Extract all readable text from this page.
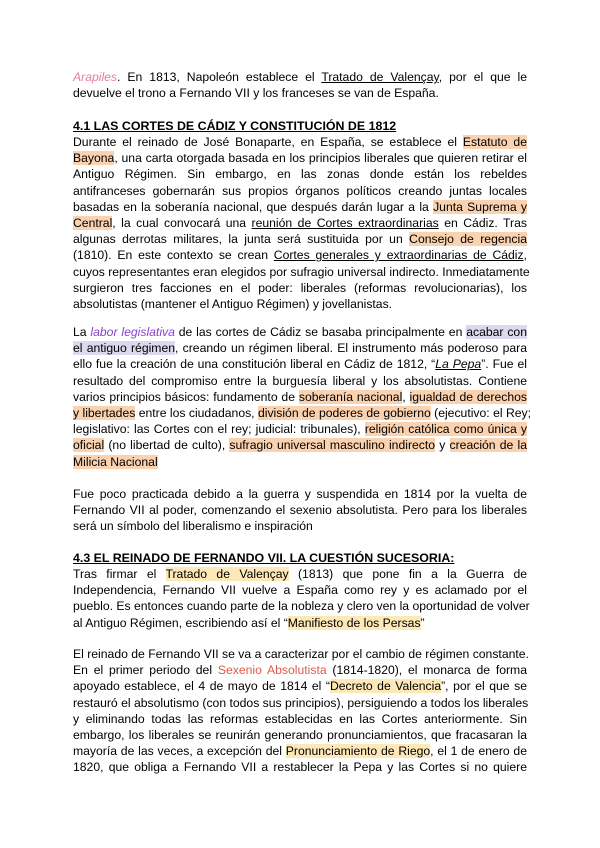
Arapiles. En 1813, Napoleón establece el Tratado de Valençay, por el que le
devuelve el trono a Fernando VII y los franceses se van de España.
4.1 LAS CORTES DE CÁDIZ Y CONSTITUCIÓN DE 1812
Durante el reinado de José Bonaparte, en España, se establece el Estatuto de
Bayona, una carta otorgada basada en los principios liberales que quieren retirar el
Antiguo Régimen. Sin embargo, en las zonas donde están los rebeldes
antifranceses gobernarán sus propios órganos políticos creando juntas locales
basadas en la soberanía nacional, que después darán lugar a la Junta Suprema y
Central, la cual convocará una reunión de Cortes extraordinarias en Cádiz. Tras
algunas derrotas militares, la junta será sustituida por un Consejo de regencia
(1810). En este contexto se crean Cortes generales y extraordinarias de Cádiz,
cuyos representantes eran elegidos por sufragio universal indirecto. Inmediatamente
surgieron tres facciones en el poder: liberales (reformas revolucionarias), los
absolutistas (mantener el Antiguo Régimen) y jovellanistas.
La labor legislativa de las cortes de Cádiz se basaba principalmente en acabar con
el antiguo régimen, creando un régimen liberal. El instrumento más poderoso para
ello fue la creación de una constitución liberal en Cádiz de 1812, “La Pepa”. Fue el
resultado del compromiso entre la burguesía liberal y los absolutistas. Contiene
varios principios básicos: fundamento de soberanía nacional, igualdad de derechos
y libertades entre los ciudadanos, división de poderes de gobierno (ejecutivo: el Rey;
legislativo: las Cortes con el rey; judicial: tribunales), religión católica como única y
oficial (no libertad de culto), sufragio universal masculino indirecto y creación de la
Milicia Nacional
Fue poco practicada debido a la guerra y suspendida en 1814 por la vuelta de
Fernando VII al poder, comenzando el sexenio absolutista. Pero para los liberales
será un símbolo del liberalismo e inspiración
4.3 EL REINADO DE FERNANDO VII. LA CUESTIÓN SUCESORIA:
Tras firmar el Tratado de Valençay (1813) que pone fin a la Guerra de
Independencia, Fernando VII vuelve a España como rey y es aclamado por el
pueblo. Es entonces cuando parte de la nobleza y clero ven la oportunidad de volver
al Antiguo Régimen, escribiendo así el “Manifiesto de los Persas”
El reinado de Fernando VII se va a caracterizar por el cambio de régimen constante.
En el primer periodo del Sexenio Absolutista (1814-1820), el monarca de forma
apoyado establece, el 4 de mayo de 1814 el “Decreto de Valencia”, por el que se
restauró el absolutismo (con todos sus principios), persiguiendo a todos los liberales
y eliminando todas las reformas establecidas en las Cortes anteriormente. Sin
embargo, los liberales se reunirán generando pronunciamientos, que fracasaran la
mayoría de las veces, a excepción del Pronunciamiento de Riego, el 1 de enero de
1820, que obliga a Fernando VII a restablecer la Pepa y las Cortes si no quiere
